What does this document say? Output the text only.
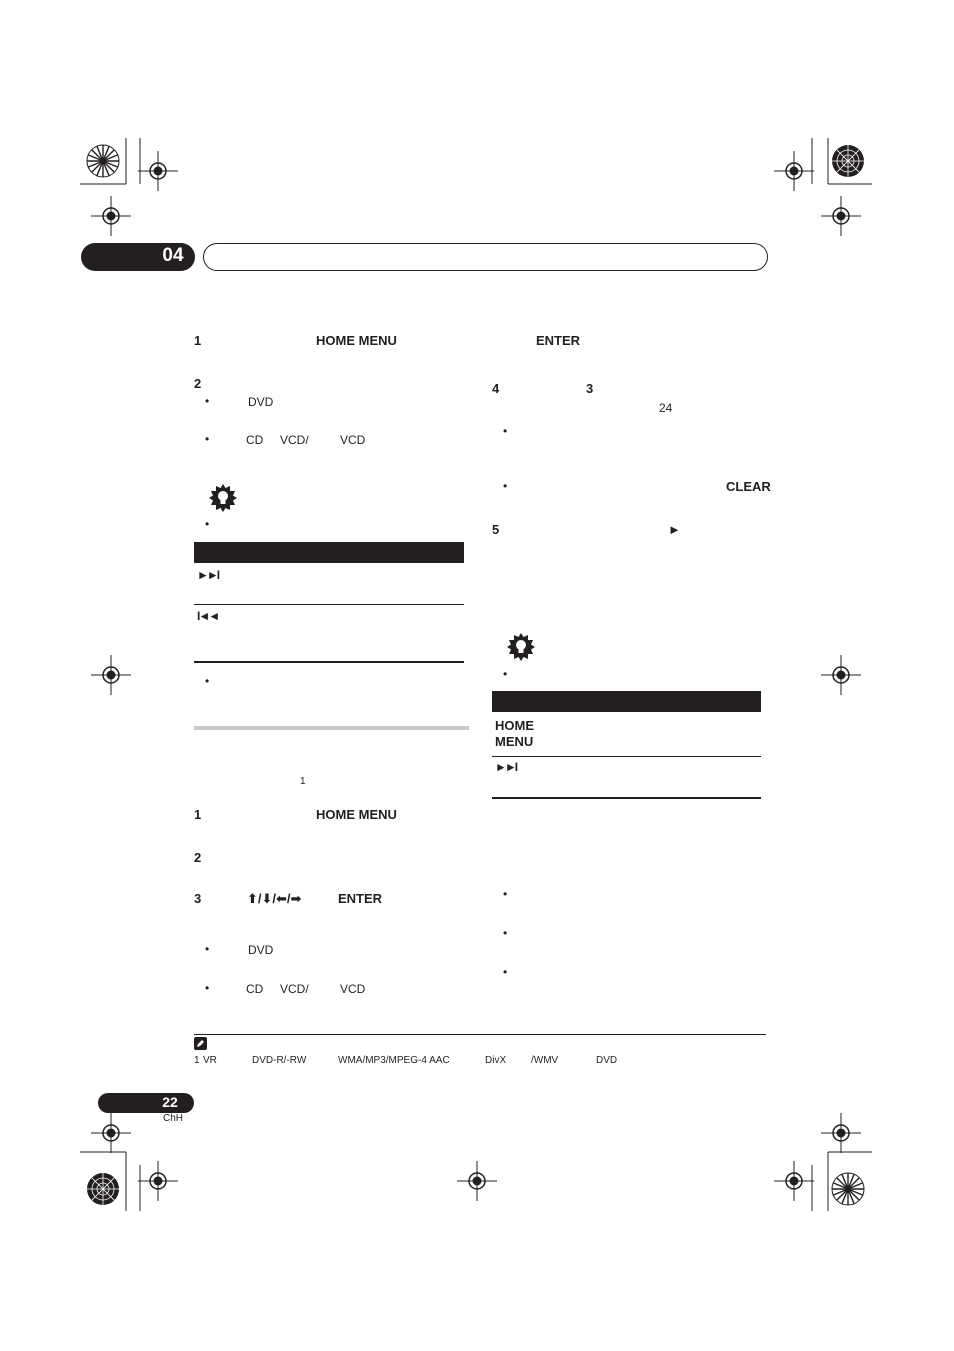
04
1	HOME MENU
2
•	DVD
•	CD VCD/	VCD
•
►►I
I◄◄
•
1
1	HOME MENU
2
3	⬆/⬇/⬅/➡	ENTER
•	DVD
•	CD VCD/	VCD
ENTER
4	3
24
•
•	CLEAR
5	►
•
HOME
MENU
►►I
•
•
•
1 VR	DVD-R/-RW	WMA/MP3/MPEG-4 AAC	DivX /WMV	DVD
22
ChH
